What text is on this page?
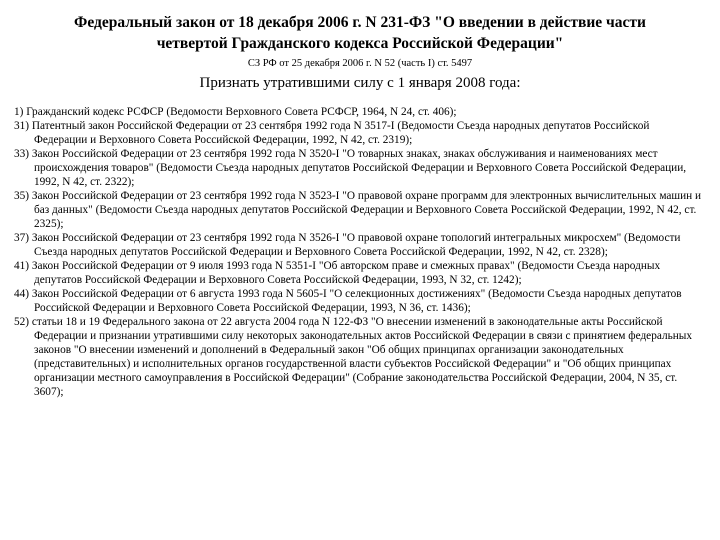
Федеральный закон от 18 декабря 2006 г. N 231-ФЗ "О введении в действие части
четвертой Гражданского кодекса Российской Федерации"
СЗ РФ от 25 декабря 2006 г. N 52 (часть I) ст. 5497
Признать утратившими силу с 1 января 2008 года:
1) Гражданский кодекс РСФСР (Ведомости Верховного Совета РСФСР, 1964, N 24, ст. 406);
31) Патентный закон Российской Федерации от 23 сентября 1992 года N 3517-I (Ведомости Съезда народных депутатов Российской Федерации и Верховного Совета Российской Федерации, 1992, N 42, ст. 2319);
33) Закон Российской Федерации от 23 сентября 1992 года N 3520-I "О товарных знаках, знаках обслуживания и наименованиях мест происхождения товаров" (Ведомости Съезда народных депутатов Российской Федерации и Верховного Совета Российской Федерации, 1992, N 42, ст. 2322);
35) Закон Российской Федерации от 23 сентября 1992 года N 3523-I "О правовой охране программ для электронных вычислительных машин и баз данных" (Ведомости Съезда народных депутатов Российской Федерации и Верховного Совета Российской Федерации, 1992, N 42, ст. 2325);
37) Закон Российской Федерации от 23 сентября 1992 года N 3526-I "О правовой охране топологий интегральных микросхем" (Ведомости Съезда народных депутатов Российской Федерации и Верховного Совета Российской Федерации, 1992, N 42, ст. 2328);
41) Закон Российской Федерации от 9 июля 1993 года N 5351-I "Об авторском праве и смежных правах" (Ведомости Съезда народных депутатов Российской Федерации и Верховного Совета Российской Федерации, 1993, N 32, ст. 1242);
44) Закон Российской Федерации от 6 августа 1993 года N 5605-I "О селекционных достижениях" (Ведомости Съезда народных депутатов Российской Федерации и Верховного Совета Российской Федерации, 1993, N 36, ст. 1436);
52) статьи 18 и 19 Федерального закона от 22 августа 2004 года N 122-ФЗ "О внесении изменений в законодательные акты Российской Федерации и признании утратившими силу некоторых законодательных актов Российской Федерации в связи с принятием федеральных законов "О внесении изменений и дополнений в Федеральный закон "Об общих принципах организации законодательных (представительных) и исполнительных органов государственной власти субъектов Российской Федерации" и "Об общих принципах организации местного самоуправления в Российской Федерации" (Собрание законодательства Российской Федерации, 2004, N 35, ст. 3607);
